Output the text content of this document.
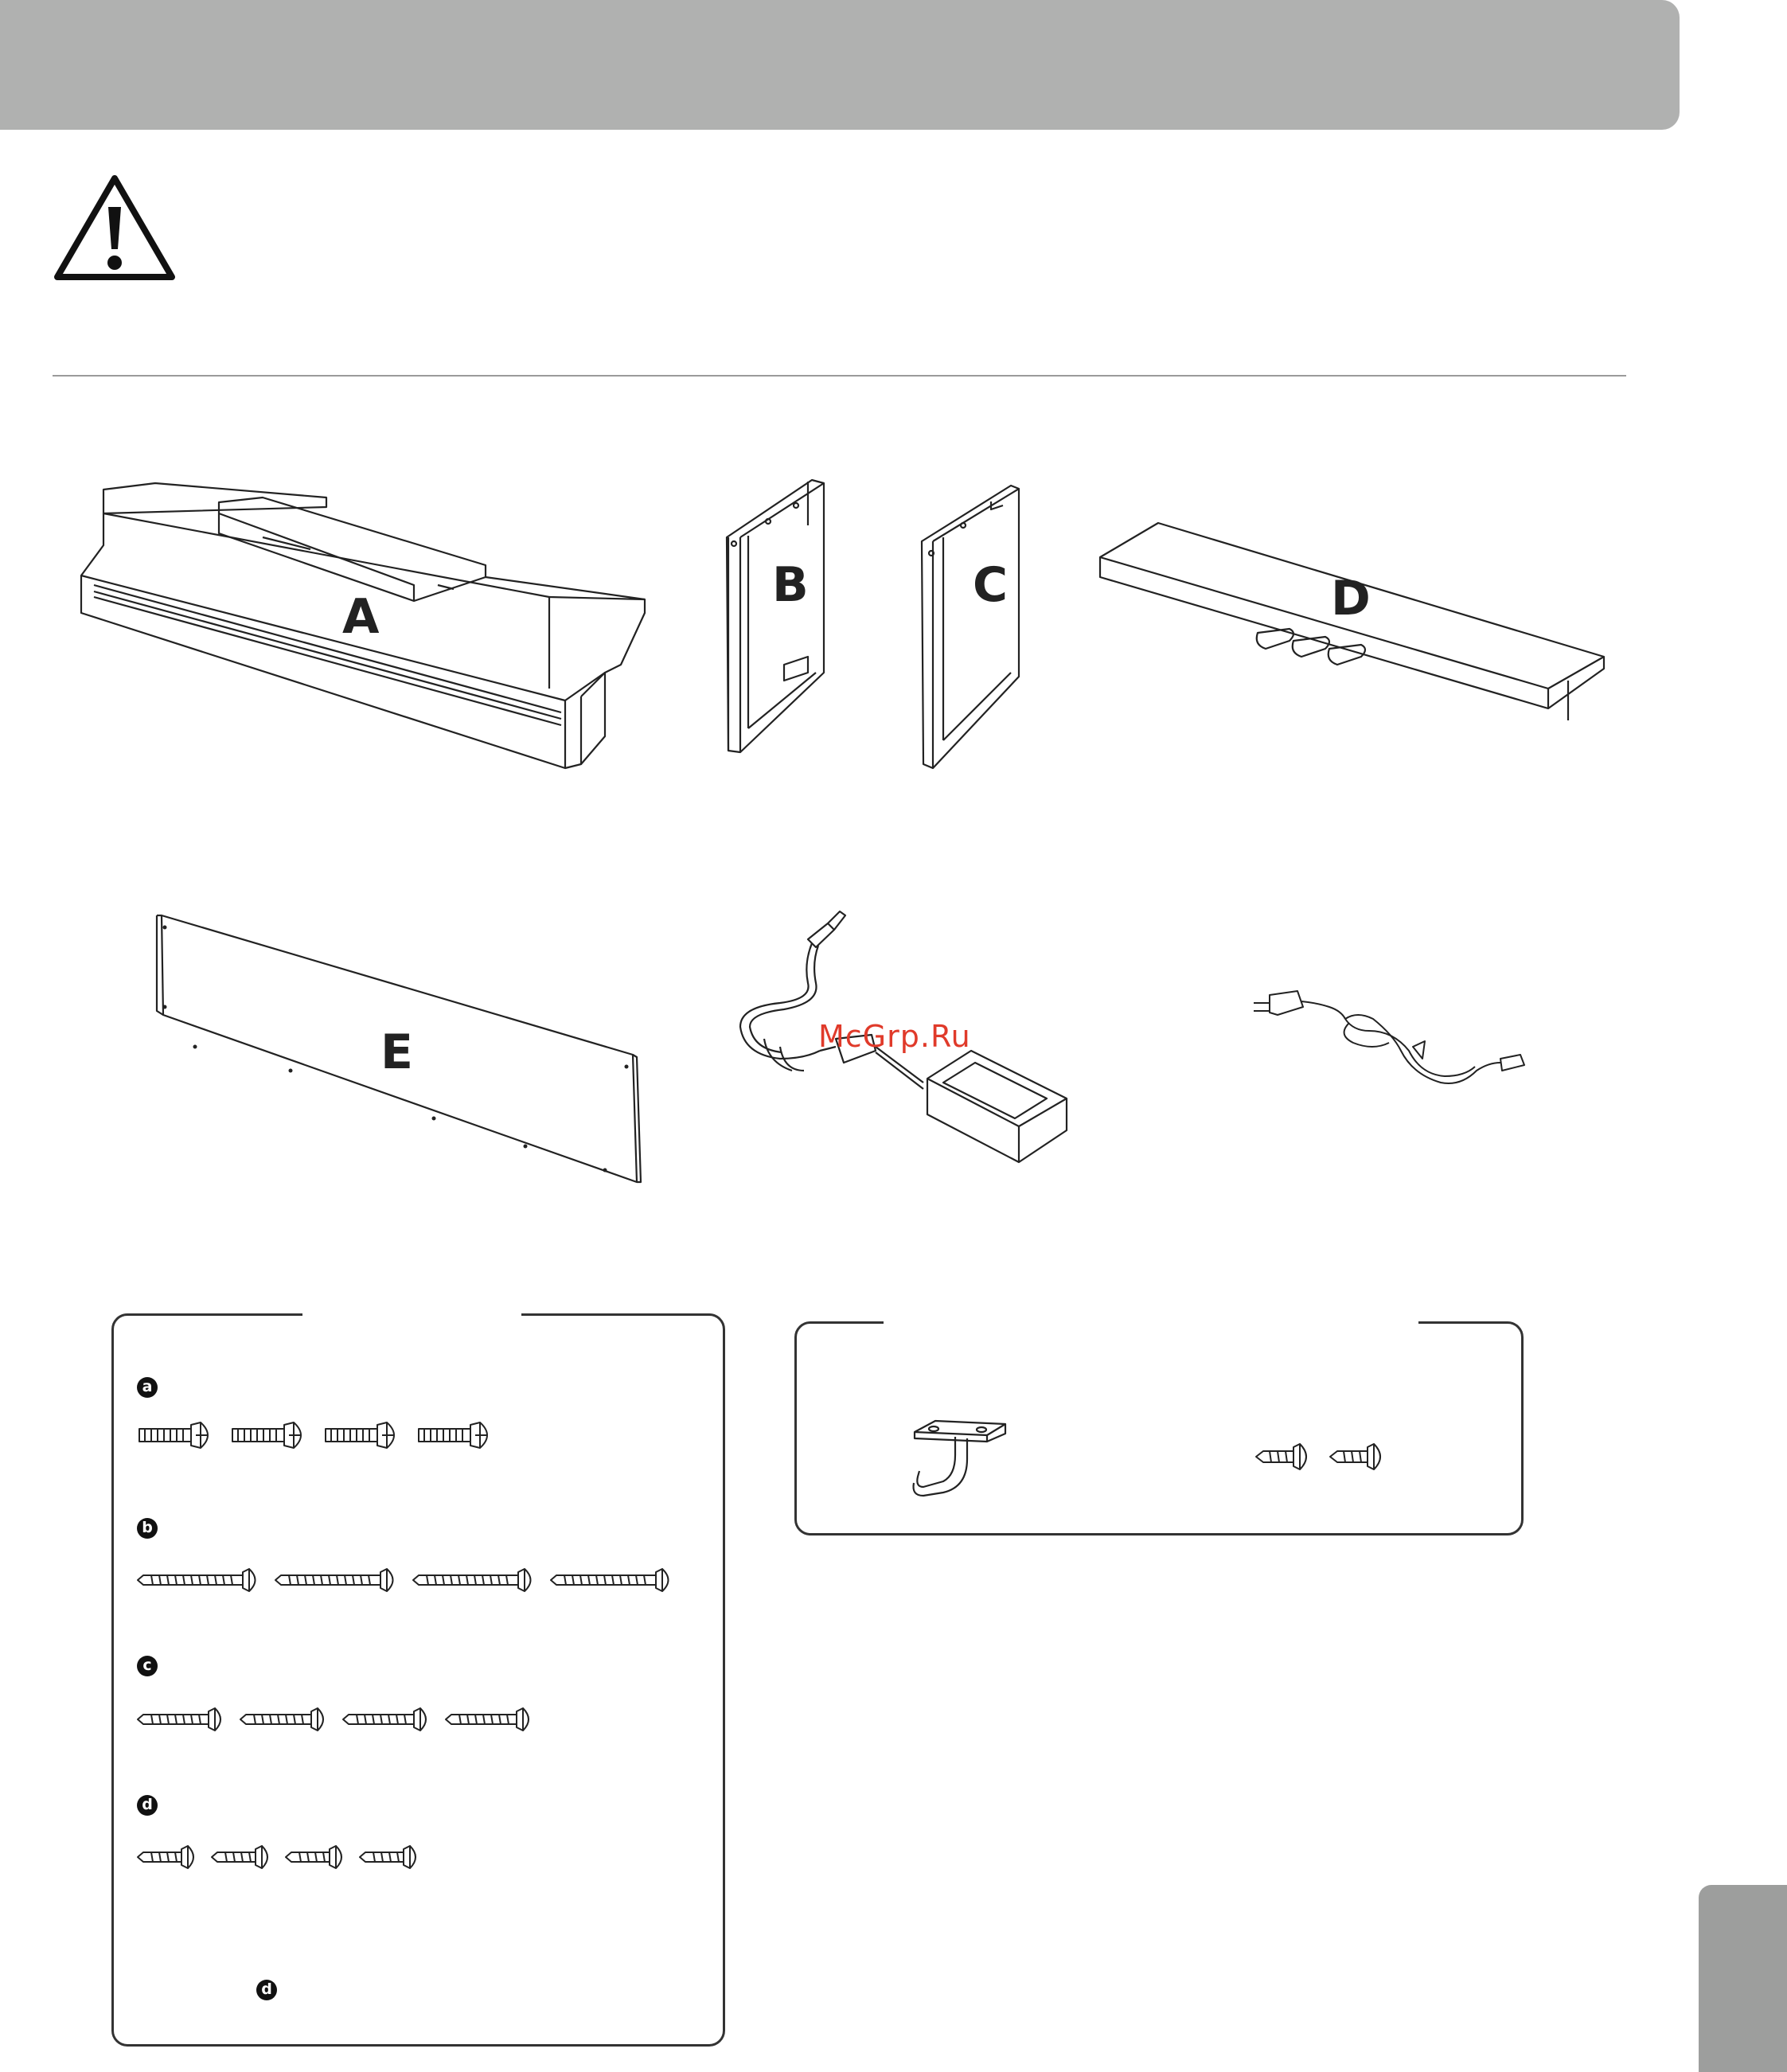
A
B	C	D
E	McGrp.Ru
a
b
c
d
d
